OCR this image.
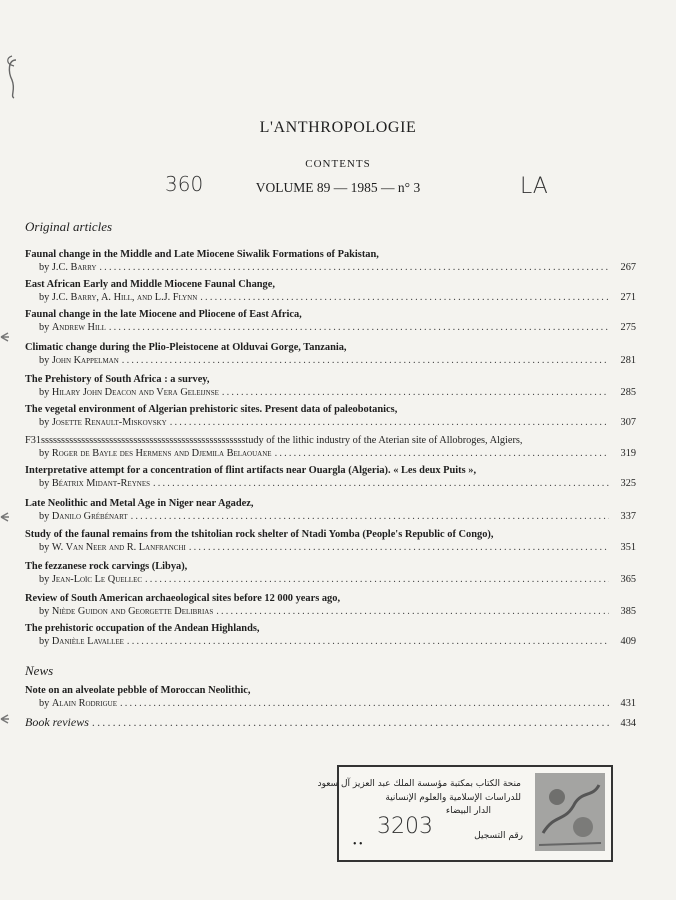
L'ANTHROPOLOGIE
CONTENTS
VOLUME 89 — 1985 — n° 3
360	LA
Original articles
Faunal change in the Middle and Late Miocene Siwalik Formations of Pakistan,
by J.C. Barry .....	267
East African Early and Middle Miocene Faunal Change,
by J.C. Barry, A. Hill, and L.J. Flynn .....	271
Faunal change in the late Miocene and Pliocene of East Africa,
by Andrew Hill .....	275
Climatic change during the Plio-Pleistocene at Olduvai Gorge, Tanzania,
by John Kappelman .....	281
The Prehistory of South Africa : a survey,
by Hilary John Deacon and Vera Geleijnse .....	285
The vegetal environment of Algerian prehistoric sites. Present data of paleobotanics,
by Josette Renault-Miskovsky .....	307
F31ssssssssssssssssssssssssssssssssssssssssssssssssssstudy of the lithic industry of the Aterian site of Allobroges, Algiers,
by Roger de Bayle des Hermens and Djemila Belaouane .....	319
Interpretative attempt for a concentration of flint artifacts near Ouargla (Algeria). « Les deux Puits »,
by Béatrix Midant-Reynes .....	325
Late Neolithic and Metal Age in Niger near Agadez,
by Danilo Grébénart .....	337
Study of the faunal remains from the tshitolian rock shelter of Ntadi Yomba (People's Republic of Congo),
by W. Van Neer and R. Lanfranchi .....	351
The fezzanese rock carvings (Libya),
by Jean-Loïc Le Quellec .....	365
Review of South American archaeological sites before 12 000 years ago,
by Niède Guidon and Georgette Delibrias .....	385
The prehistoric occupation of the Andean Highlands,
by Danièle Lavallee .....	409
News
Note on an alveolate pebble of Moroccan Neolithic,
by Alain Rodrigue .....	431
Book reviews .....	434
منحة الكتاب بمكتبة مؤسسة الملك عبد العزيز آل سعود
للدراسات الإسلامية والعلوم الإنسانية
الدار البيضاء
3203	رقم التسجيل
• •
